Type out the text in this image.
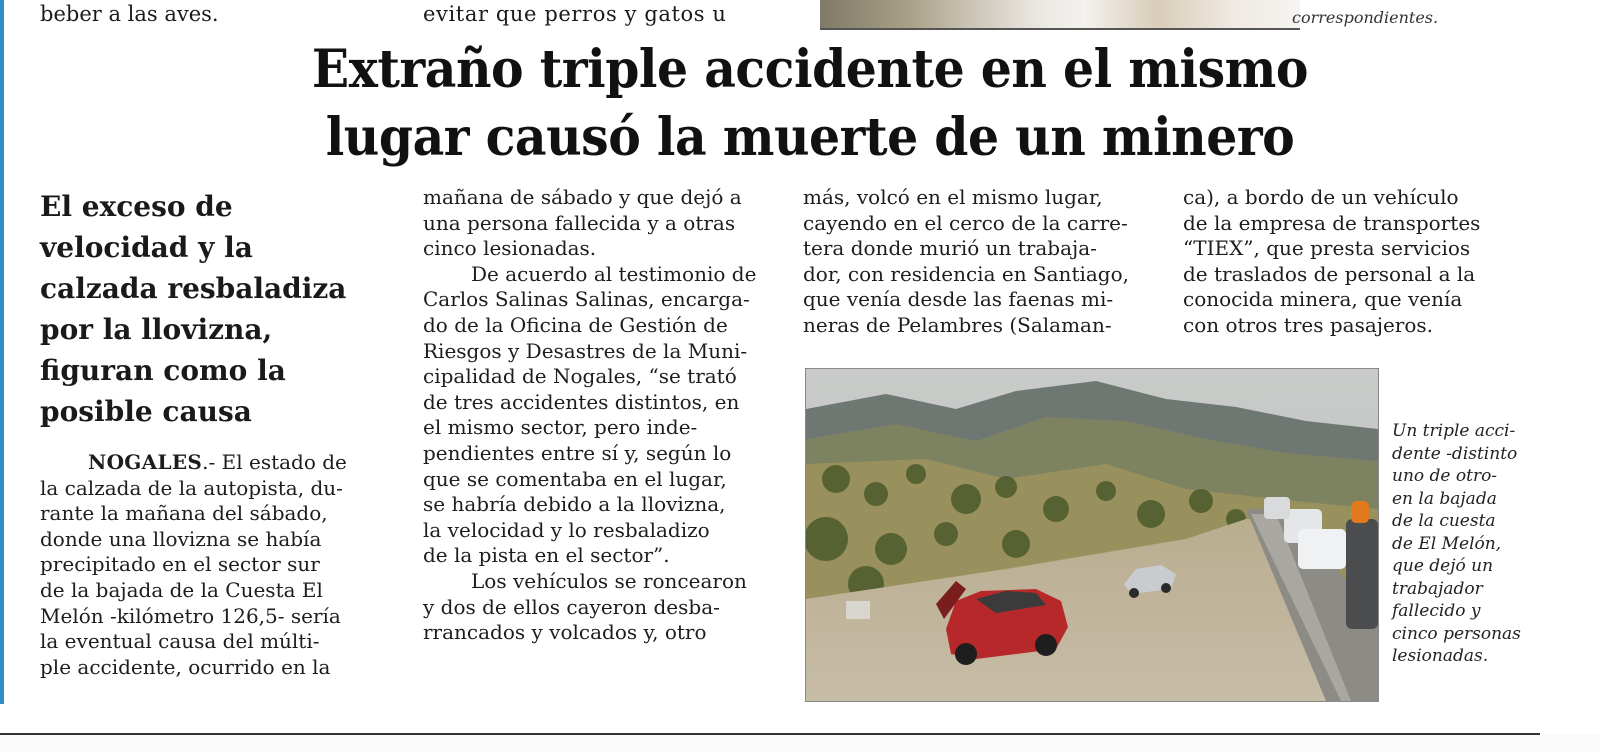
beber a las aves.	evitar que perros y gatos u	correspondientes.
Extraño triple accidente en el mismo
lugar causó la muerte de un minero
El exceso de
velocidad y la
calzada resbaladiza
por la llovizna,
figuran como la
posible causa
NOGALES.- El estado de
la calzada de la autopista, du-
rante la mañana del sábado,
donde una llovizna se había
precipitado en el sector sur
de la bajada de la Cuesta El
Melón -kilómetro 126,5- sería
la eventual causa del múlti-
ple accidente, ocurrido en la
mañana de sábado y que dejó a
una persona fallecida y a otras
cinco lesionadas.
De acuerdo al testimonio de
Carlos Salinas Salinas, encarga-
do de la Oficina de Gestión de
Riesgos y Desastres de la Muni-
cipalidad de Nogales, “se trató
de tres accidentes distintos, en
el mismo sector, pero inde-
pendientes entre sí y, según lo
que se comentaba en el lugar,
se habría debido a la llovizna,
la velocidad y lo resbaladizo
de la pista en el sector”.
Los vehículos se roncearon
y dos de ellos cayeron desba-
rrancados y volcados y, otro
más, volcó en el mismo lugar,
cayendo en el cerco de la carre-
tera donde murió un trabaja-
dor, con residencia en Santiago,
que venía desde las faenas mi-
neras de Pelambres (Salaman-
ca), a bordo de un vehículo
de la empresa de transportes
“TIEX”, que presta servicios
de traslados de personal a la
conocida minera, que venía
con otros tres pasajeros.
Un triple acci-
dente -distinto
uno de otro-
en la bajada
de la cuesta
de El Melón,
que dejó un
trabajador
fallecido y
cinco personas
lesionadas.
